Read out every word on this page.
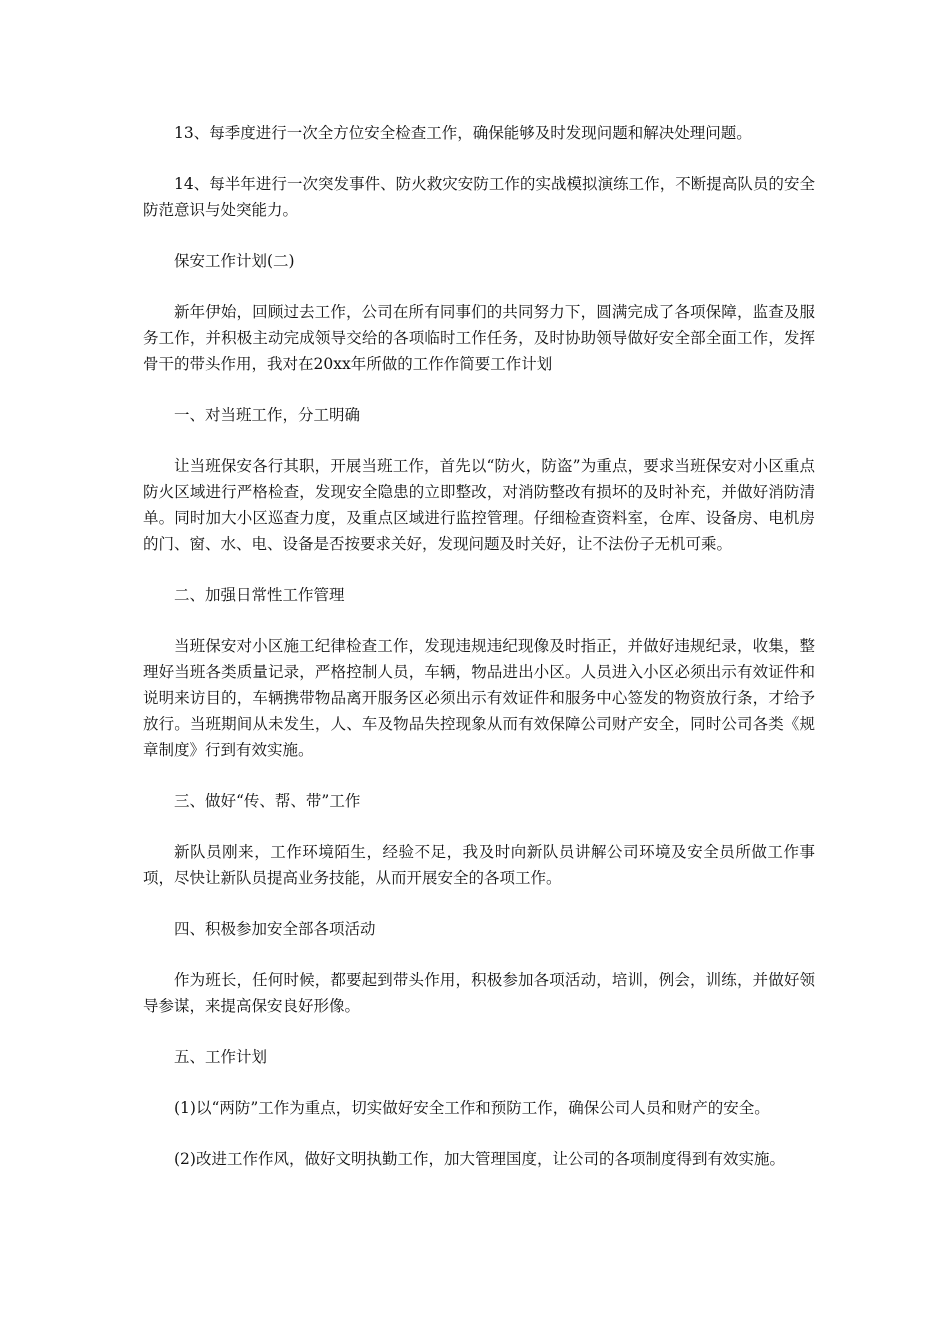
13、每季度进行一次全方位安全检查工作，确保能够及时发现问题和解决处理问题。

14、每半年进行一次突发事件、防火救灾安防工作的实战模拟演练工作，不断提高队员的安全防范意识与处突能力。

保安工作计划(二)

新年伊始，回顾过去工作，公司在所有同事们的共同努力下，圆满完成了各项保障，监查及服务工作，并积极主动完成领导交给的各项临时工作任务，及时协助领导做好安全部全面工作，发挥骨干的带头作用，我对在20xx年所做的工作作简要工作计划

一、对当班工作，分工明确

让当班保安各行其职，开展当班工作，首先以“防火，防盗”为重点，要求当班保安对小区重点防火区域进行严格检查，发现安全隐患的立即整改，对消防整改有损坏的及时补充，并做好消防清单。同时加大小区巡查力度，及重点区域进行监控管理。仔细检查资料室，仓库、设备房、电机房的门、窗、水、电、设备是否按要求关好，发现问题及时关好，让不法份子无机可乘。

二、加强日常性工作管理

当班保安对小区施工纪律检查工作，发现违规违纪现像及时指正，并做好违规纪录，收集，整理好当班各类质量记录，严格控制人员，车辆，物品进出小区。人员进入小区必须出示有效证件和说明来访目的，车辆携带物品离开服务区必须出示有效证件和服务中心签发的物资放行条，才给予放行。当班期间从未发生，人、车及物品失控现象从而有效保障公司财产安全，同时公司各类《规章制度》行到有效实施。

三、做好“传、帮、带”工作

新队员刚来，工作环境陌生，经验不足，我及时向新队员讲解公司环境及安全员所做工作事项，尽快让新队员提高业务技能，从而开展安全的各项工作。

四、积极参加安全部各项活动

作为班长，任何时候，都要起到带头作用，积极参加各项活动，培训，例会，训练，并做好领导参谋，来提高保安良好形像。

五、工作计划

(1)以“两防”工作为重点，切实做好安全工作和预防工作，确保公司人员和财产的安全。

(2)改进工作作风，做好文明执勤工作，加大管理国度，让公司的各项制度得到有效实施。
